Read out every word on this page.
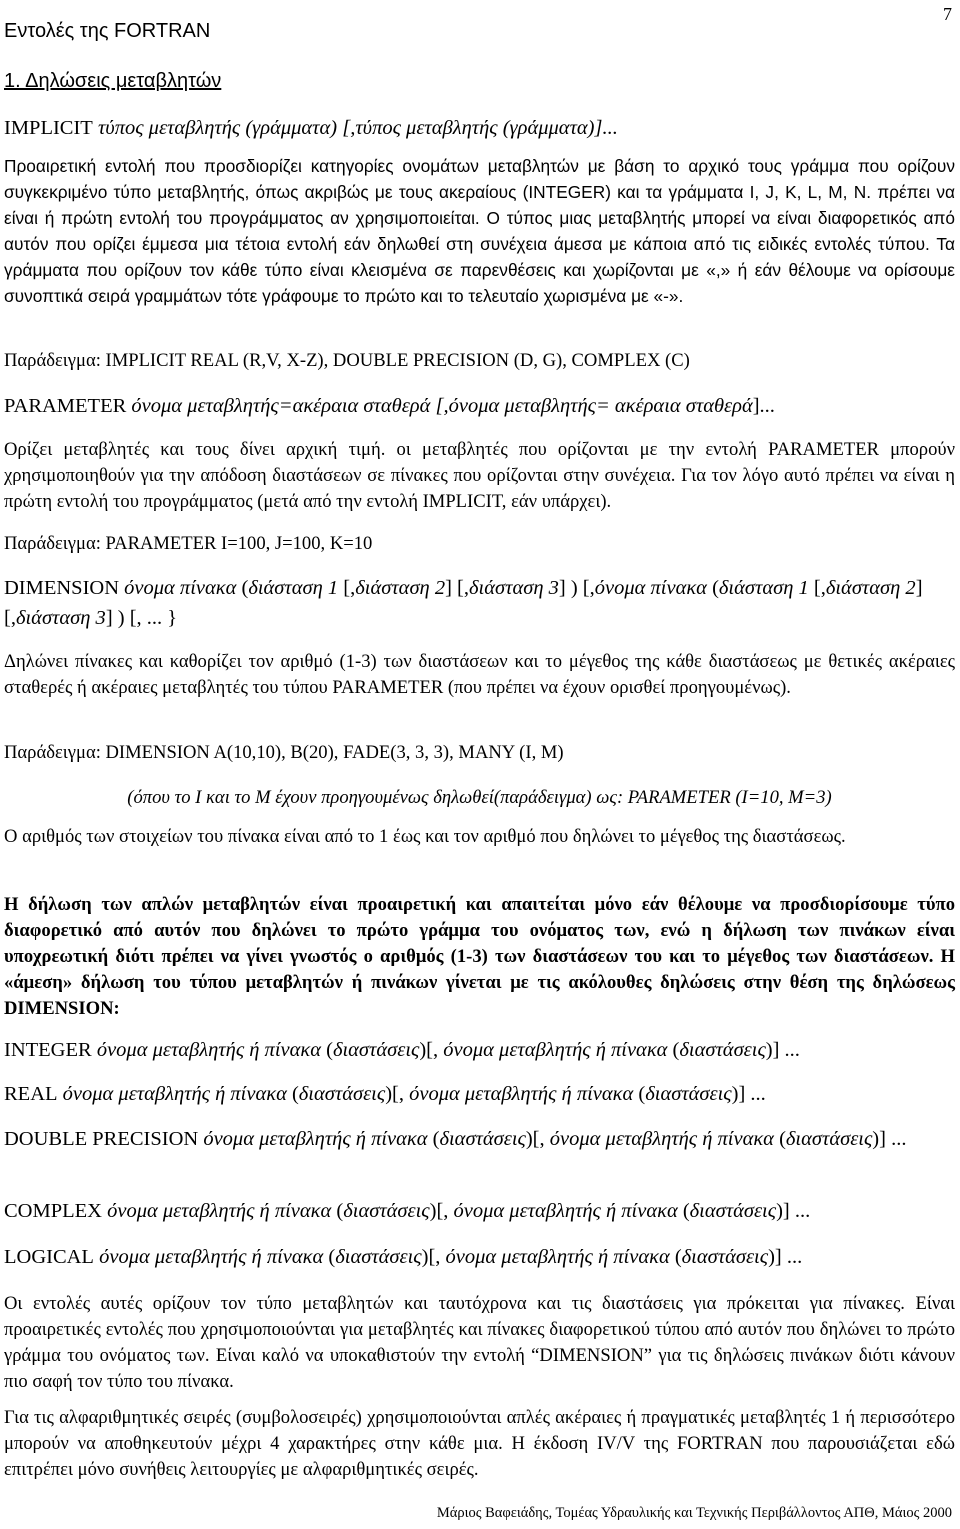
Εντολές της FORTRAN
7
1. Δηλώσεις μεταβλητών
IMPLICIT τύπος μεταβλητής (γράμματα) [,τύπος μεταβλητής (γράμματα)]...
Προαιρετική εντολή που προσδιορίζει κατηγορίες ονομάτων μεταβλητών με βάση το αρχικό τους γράμμα που ορίζουν συγκεκριμένο τύπο μεταβλητής, όπως ακριβώς με τους ακεραίους (INTEGER) και τα γράμματα I, J, K, L, M, N. πρέπει να είναι ή πρώτη εντολή του προγράμματος αν χρησιμοποιείται. Ο τύπος μιας μεταβλητής μπορεί να είναι διαφορετικός από αυτόν που ορίζει έμμεσα μια τέτοια εντολή εάν δηλωθεί στη συνέχεια άμεσα με κάποια από τις ειδικές εντολές τύπου. Τα γράμματα που ορίζουν τον κάθε τύπο είναι κλεισμένα σε παρενθέσεις και χωρίζονται με «,» ή εάν θέλουμε να ορίσουμε συνοπτικά σειρά γραμμάτων τότε γράφουμε το πρώτο και το τελευταίο χωρισμένα με «-».
Παράδειγμα: IMPLICIT REAL (R,V, X-Z), DOUBLE PRECISION (D, G), COMPLEX (C)
PARAMETER όνομα μεταβλητής=ακέραια σταθερά [,όνομα μεταβλητής= ακέραια σταθερά]...
Ορίζει μεταβλητές και τους δίνει αρχική τιμή. οι μεταβλητές που ορίζονται με την εντολή PARAMETER μπορούν χρησιμοποιηθούν για την απόδοση διαστάσεων σε πίνακες που ορίζονται στην συνέχεια. Για τον λόγο αυτό πρέπει να είναι η πρώτη εντολή του προγράμματος (μετά από την εντολή IMPLICIT, εάν υπάρχει).
Παράδειγμα: PARAMETER I=100, J=100, K=10
DIMENSION όνομα πίνακα (διάσταση 1 [,διάσταση 2] [,διάσταση 3] ) [,όνομα πίνακα (διάσταση 1 [,διάσταση 2] [,διάσταση 3] ) [, ... }
Δηλώνει πίνακες και καθορίζει τον αριθμό (1-3) των διαστάσεων και το μέγεθος της κάθε διαστάσεως με θετικές ακέραιες σταθερές ή ακέραιες μεταβλητές του τύπου PARAMETER (που πρέπει να έχουν ορισθεί προηγουμένως).
Παράδειγμα: DIMENSION A(10,10), B(20), FADE(3, 3, 3), MANY (I, M)
(όπου το I και το M έχουν προηγουμένως δηλωθεί(παράδειγμα) ως: PARAMETER (I=10, M=3)
Ο αριθμός των στοιχείων του πίνακα είναι από το 1 έως και τον αριθμό που δηλώνει το μέγεθος της διαστάσεως.
Η δήλωση των απλών μεταβλητών είναι προαιρετική και απαιτείται μόνο εάν θέλουμε να προσδιορίσουμε τύπο διαφορετικό από αυτόν που δηλώνει το πρώτο γράμμα του ονόματος των, ενώ η δήλωση των πινάκων είναι υποχρεωτική διότι πρέπει να γίνει γνωστός ο αριθμός (1-3) των διαστάσεων του και το μέγεθος των διαστάσεων. Η «άμεση» δήλωση του τύπου μεταβλητών ή πινάκων γίνεται με τις ακόλουθες δηλώσεις στην θέση της δηλώσεως DIMENSION:
INTEGER όνομα μεταβλητής ή πίνακα (διαστάσεις)[, όνομα μεταβλητής ή πίνακα (διαστάσεις)] ...
REAL όνομα μεταβλητής ή πίνακα (διαστάσεις)[, όνομα μεταβλητής ή πίνακα (διαστάσεις)] ...
DOUBLE PRECISION όνομα μεταβλητής ή πίνακα (διαστάσεις)[, όνομα μεταβλητής ή πίνακα (διαστάσεις)] ...
COMPLEX όνομα μεταβλητής ή πίνακα (διαστάσεις)[, όνομα μεταβλητής ή πίνακα (διαστάσεις)] ...
LOGICAL όνομα μεταβλητής ή πίνακα (διαστάσεις)[, όνομα μεταβλητής ή πίνακα (διαστάσεις)] ...
Οι εντολές αυτές ορίζουν τον τύπο μεταβλητών και ταυτόχρονα και τις διαστάσεις για πρόκειται για πίνακες. Είναι προαιρετικές εντολές που χρησιμοποιούνται για μεταβλητές και πίνακες διαφορετικού τύπου από αυτόν που δηλώνει το πρώτο γράμμα του ονόματος των. Είναι καλό να υποκαθιστούν την εντολή “DIMENSION” για τις δηλώσεις πινάκων διότι κάνουν πιο σαφή τον τύπο του πίνακα.
Για τις αλφαριθμητικές σειρές (συμβολοσειρές) χρησιμοποιούνται απλές ακέραιες ή πραγματικές μεταβλητές 1 ή περισσότερο μπορούν να αποθηκευτούν μέχρι 4 χαρακτήρες στην κάθε μια. Η έκδοση IV/V της FORTRAN που παρουσιάζεται εδώ επιτρέπει μόνο συνήθεις λειτουργίες με αλφαριθμητικές σειρές.
Μάριος Βαφειάδης, Τομέας Υδραυλικής και Τεχνικής Περιβάλλοντος ΑΠΘ, Μάιος 2000
